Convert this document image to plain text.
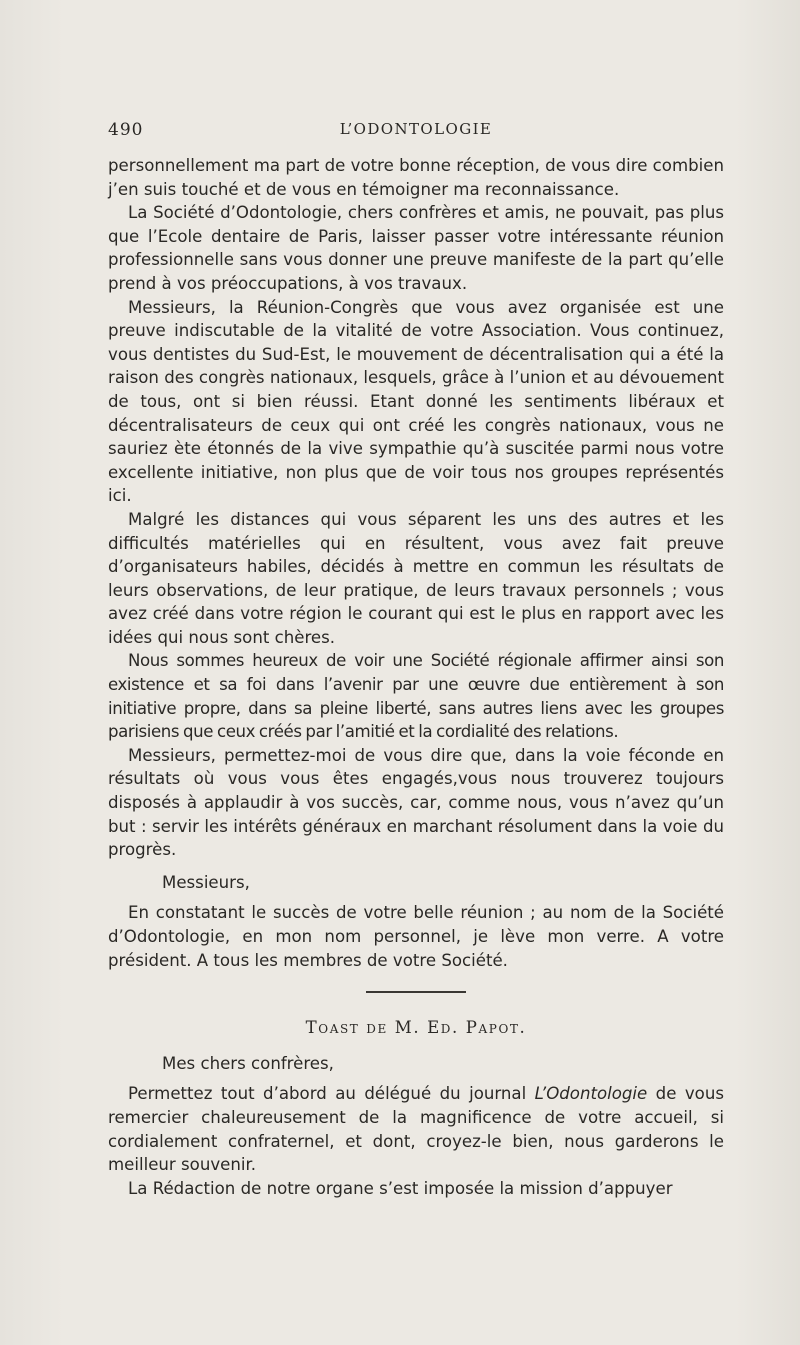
490	L’ODONTOLOGIE

personnellement ma part de votre bonne réception, de vous dire combien j’en suis touché et de vous en témoigner ma reconnaissance.

La Société d’Odontologie, chers confrères et amis, ne pouvait, pas plus que l’Ecole dentaire de Paris, laisser passer votre intéressante réunion professionnelle sans vous donner une preuve manifeste de la part qu’elle prend à vos préoccupations, à vos travaux.

Messieurs, la Réunion-Congrès que vous avez organisée est une preuve indiscutable de la vitalité de votre Association. Vous continuez, vous dentistes du Sud-Est, le mouvement de décentralisation qui a été la raison des congrès nationaux, lesquels, grâce à l’union et au dévouement de tous, ont si bien réussi. Etant donné les sentiments libéraux et décentralisateurs de ceux qui ont créé les congrès nationaux, vous ne sauriez ète étonnés de la vive sympathie qu’à suscitée parmi nous votre excellente initiative, non plus que de voir tous nos groupes représentés ici.

Malgré les distances qui vous séparent les uns des autres et les difficultés matérielles qui en résultent, vous avez fait preuve d’organisateurs habiles, décidés à mettre en commun les résultats de leurs observations, de leur pratique, de leurs travaux personnels ; vous avez créé dans votre région le courant qui est le plus en rapport avec les idées qui nous sont chères.

Nous sommes heureux de voir une Société régionale affirmer ainsi son existence et sa foi dans l’avenir par une œuvre due entièrement à son initiative propre, dans sa pleine liberté, sans autres liens avec les groupes parisiens que ceux créés par l’amitié et la cordialité des relations.

Messieurs, permettez-moi de vous dire que, dans la voie féconde en résultats où vous vous êtes engagés,vous nous trouverez toujours disposés à applaudir à vos succès, car, comme nous, vous n’avez qu’un but : servir les intérêts généraux en marchant résolument dans la voie du progrès.

Messieurs,

En constatant le succès de votre belle réunion ; au nom de la Société d’Odontologie, en mon nom personnel, je lève mon verre. A votre président. A tous les membres de votre Société.

Toast de M. Ed. Papot.

Mes chers confrères,

Permettez tout d’abord au délégué du journal L’Odontologie de vous remercier chaleureusement de la magnificence de votre accueil, si cordialement confraternel, et dont, croyez-le bien, nous garderons le meilleur souvenir.

La Rédaction de notre organe s’est imposée la mission d’appuyer
